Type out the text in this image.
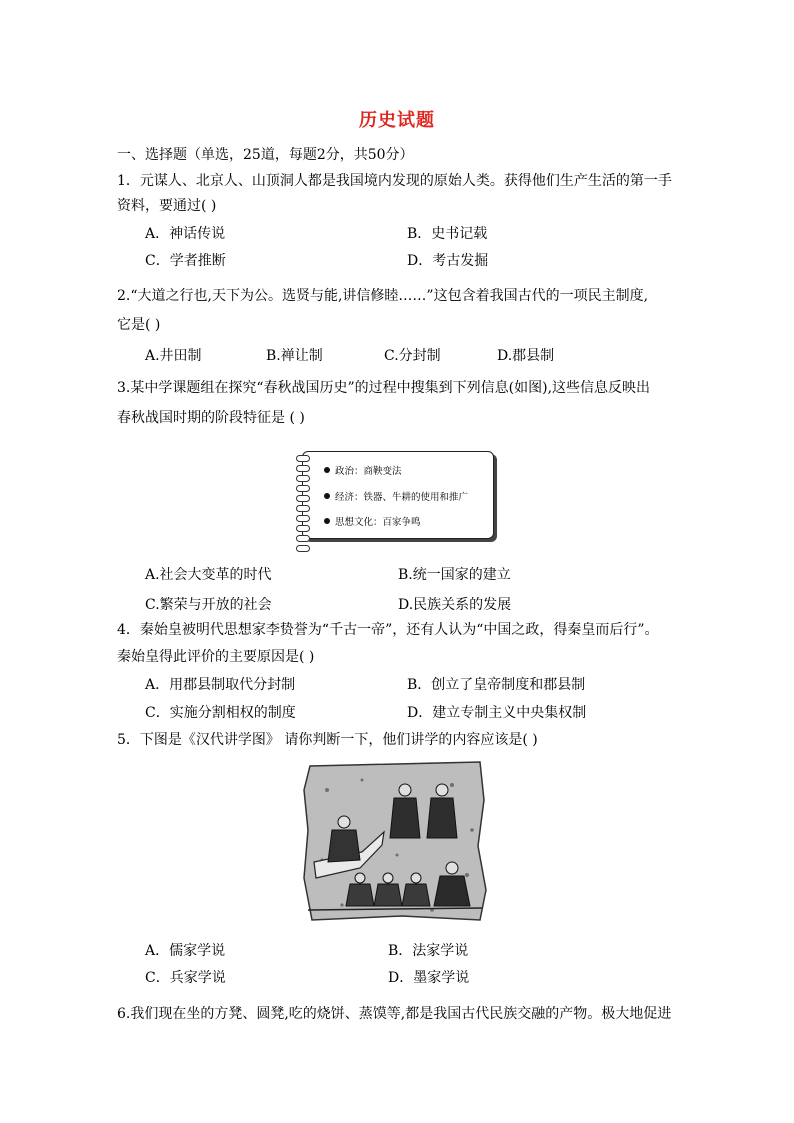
历史试题
一、选择题（单选，25道，每题2分，共50分）
1．元谋人、北京人、山顶洞人都是我国境内发现的原始人类。获得他们生产生活的第一手
资料，要通过( )
A．神话传说	B．史书记载
C．学者推断	D．考古发掘
2.“大道之行也,天下为公。选贤与能,讲信修睦……”这包含着我国古代的一项民主制度,
它是( )
A.井田制	B.禅让制	C.分封制	D.郡县制
3.某中学课题组在探究“春秋战国历史”的过程中搜集到下列信息(如图),这些信息反映出
春秋战国时期的阶段特征是 ( )
政治：商鞅变法
经济：铁器、牛耕的使用和推广
思想文化：百家争鸣
A.社会大变革的时代	B.统一国家的建立
C.繁荣与开放的社会	D.民族关系的发展
4．秦始皇被明代思想家李贽誉为“千古一帝”，还有人认为“中国之政，得秦皇而后行”。
秦始皇得此评价的主要原因是( )
A．用郡县制取代分封制	B．创立了皇帝制度和郡县制
C．实施分割相权的制度	D．建立专制主义中央集权制
5．下图是《汉代讲学图》 请你判断一下，他们讲学的内容应该是( )
A．儒家学说	B．法家学说
C．兵家学说	D．墨家学说
6.我们现在坐的方凳、圆凳,吃的烧饼、蒸馍等,都是我国古代民族交融的产物。极大地促进
